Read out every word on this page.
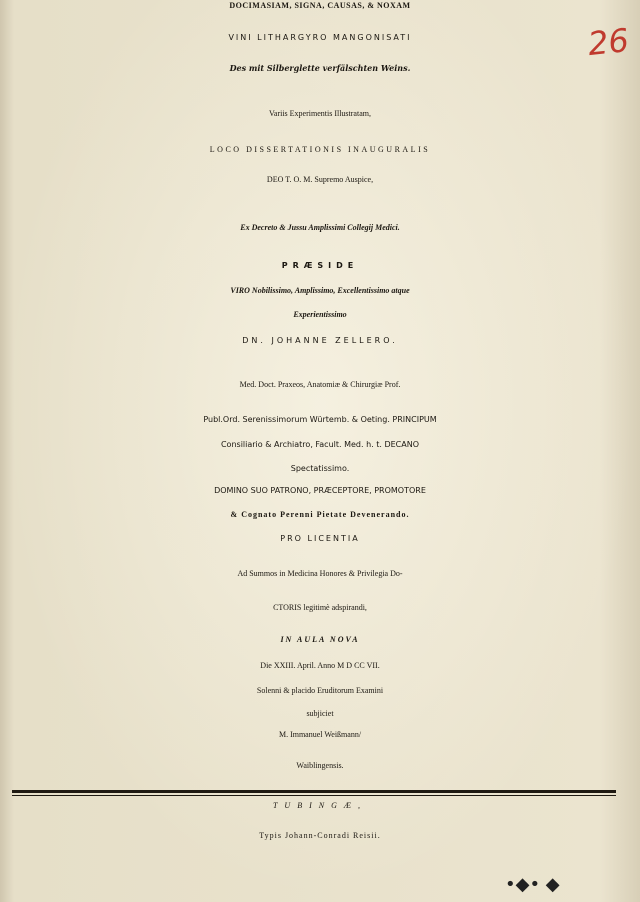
26

DOCIMASIAM, SIGNA, CAUSAS, & NOXAM

VINI LITHARGYRO MANGONISATI

Des mit Silberglette verfälschten Weins.

Variis Experimentis Illustratam,

LOCO DISSERTATIONIS INAUGURALIS

DEO T. O. M. Supremo Auspice,

Ex Decreto & Jussu Amplissimi Collegij Medici.

PRÆSIDE

VIRO Nobilissimo, Amplissimo, Excellentissimo atque

Experientissimo

DN. JOHANNE ZELLERO.

Med. Doct. Praxeos, Anatomiæ & Chirurgiæ Prof.

Publ.Ord. Serenissimorum Würtemb. & Oeting. PRINCIPUM

Consiliario & Archiatro, Facult. Med. h. t. DECANO

Spectatissimo.

DOMINO SUO PATRONO, PRÆCEPTORE, PROMOTORE

& Cognato Perenni Pietate Devenerando.

PRO LICENTIA

Ad Summos in Medicina Honores & Privilegia Do-

CTORIS legitimè adspirandi,

IN AULA NOVA

Die XXIII. April. Anno M D CC VII.

Solenni & placido Eruditorum Examini

subjiciet

M. Immanuel Weißmann/

Waiblingensis.

TUBINGÆ,

Typis Johann-Conradi Reisii.

•◆• ◆
